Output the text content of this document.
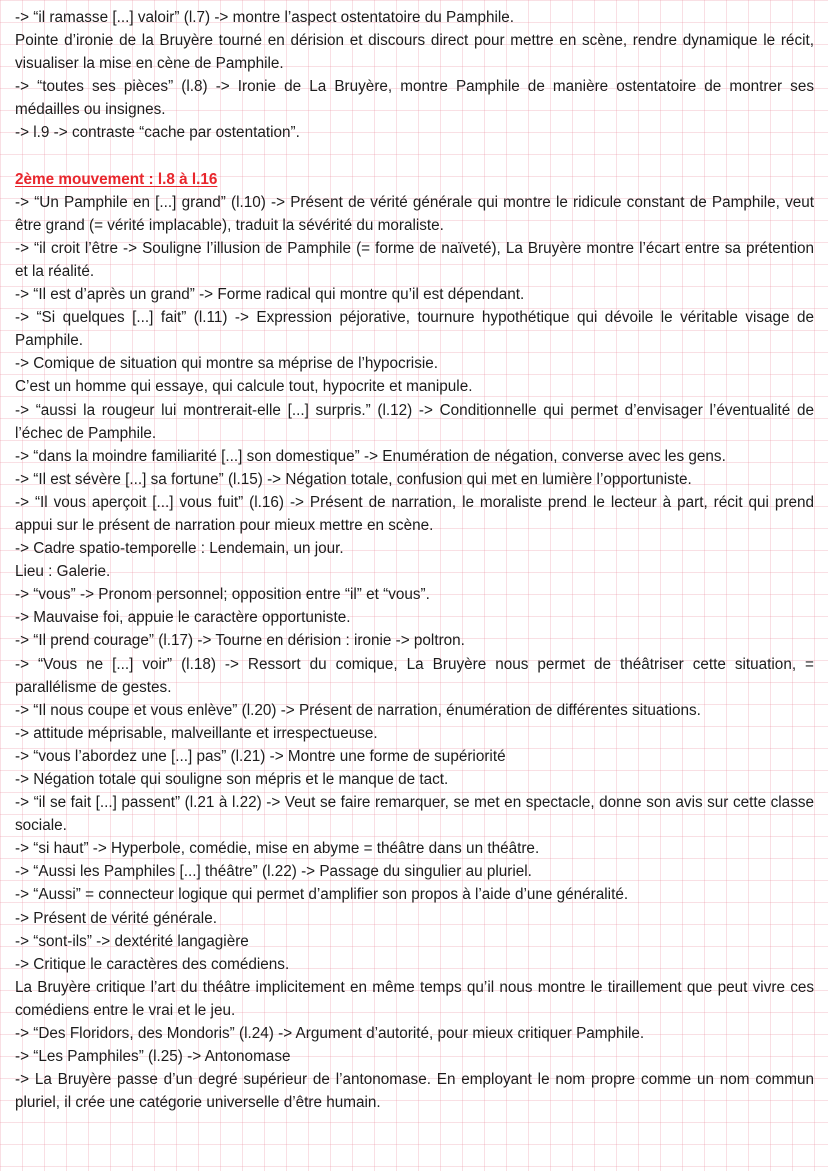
-> “il ramasse [...] valoir” (l.7) -> montre l’aspect ostentatoire du Pamphile.

Pointe d’ironie de la Bruyère tourné en dérision et discours direct pour mettre en scène, rendre dynamique le récit, visualiser la mise en cène de Pamphile.

-> “toutes ses pièces” (l.8) -> Ironie de La Bruyère, montre Pamphile de manière ostentatoire de montrer ses médailles ou insignes.

-> l.9 -> contraste “cache par ostentation”.

2ème mouvement : l.8 à l.16

-> “Un Pamphile en [...] grand” (l.10) -> Présent de vérité générale qui montre le ridicule constant de Pamphile, veut être grand (= vérité implacable), traduit la sévérité du moraliste.

-> “il croit l’être -> Souligne l’illusion de Pamphile (= forme de naïveté), La Bruyère montre l’écart entre sa prétention et la réalité.

-> “Il est d’après un grand” -> Forme radical qui montre qu’il est dépendant.

-> “Si quelques [...] fait” (l.11) -> Expression péjorative, tournure hypothétique qui dévoile le véritable visage de Pamphile.

-> Comique de situation qui montre sa méprise de l’hypocrisie.

C’est un homme qui essaye, qui calcule tout, hypocrite et manipule.

-> “aussi la rougeur lui montrerait-elle [...] surpris.” (l.12) -> Conditionnelle qui permet d’envisager l’éventualité de l’échec de Pamphile.

-> “dans la moindre familiarité [...] son domestique” -> Enumération de négation, converse avec les gens.

-> “Il est sévère [...] sa fortune” (l.15) -> Négation totale, confusion qui met en lumière l’opportuniste.

-> “Il vous aperçoit [...] vous fuit” (l.16) -> Présent de narration, le moraliste prend le lecteur à part, récit qui prend appui sur le présent de narration pour mieux mettre en scène.

-> Cadre spatio-temporelle : Lendemain, un jour.

Lieu : Galerie.

-> “vous” -> Pronom personnel; opposition entre “il” et “vous”.

-> Mauvaise foi, appuie le caractère opportuniste.

-> “Il prend courage” (l.17) -> Tourne en dérision : ironie -> poltron.

-> “Vous ne [...] voir” (l.18) -> Ressort du comique, La Bruyère nous permet de théâtriser cette situation, = parallélisme de gestes.

-> “Il nous coupe et vous enlève” (l.20) -> Présent de narration, énumération de différentes situations.

-> attitude méprisable, malveillante et irrespectueuse.

-> “vous l’abordez une [...] pas” (l.21) -> Montre une forme de supériorité

-> Négation totale qui souligne son mépris et le manque de tact.

-> “il se fait [...] passent” (l.21 à l.22) -> Veut se faire remarquer, se met en spectacle, donne son avis sur cette classe sociale.

-> “si haut” -> Hyperbole, comédie, mise en abyme = théâtre dans un théâtre.

-> “Aussi les Pamphiles [...] théâtre” (l.22) -> Passage du singulier au pluriel.

-> “Aussi” = connecteur logique qui permet d’amplifier son propos à l’aide d’une généralité.

-> Présent de vérité générale.

-> “sont-ils” -> dextérité langagière

-> Critique le caractères des comédiens.

La Bruyère critique l’art du théâtre implicitement en même temps qu’il nous montre le tiraillement que peut vivre ces comédiens entre le vrai et le jeu.

-> “Des Floridors, des Mondoris” (l.24) -> Argument d’autorité, pour mieux critiquer Pamphile.

-> “Les Pamphiles” (l.25) -> Antonomase

-> La Bruyère passe d’un degré supérieur de l’antonomase. En employant le nom propre comme un nom commun pluriel, il crée une catégorie universelle d’être humain.
